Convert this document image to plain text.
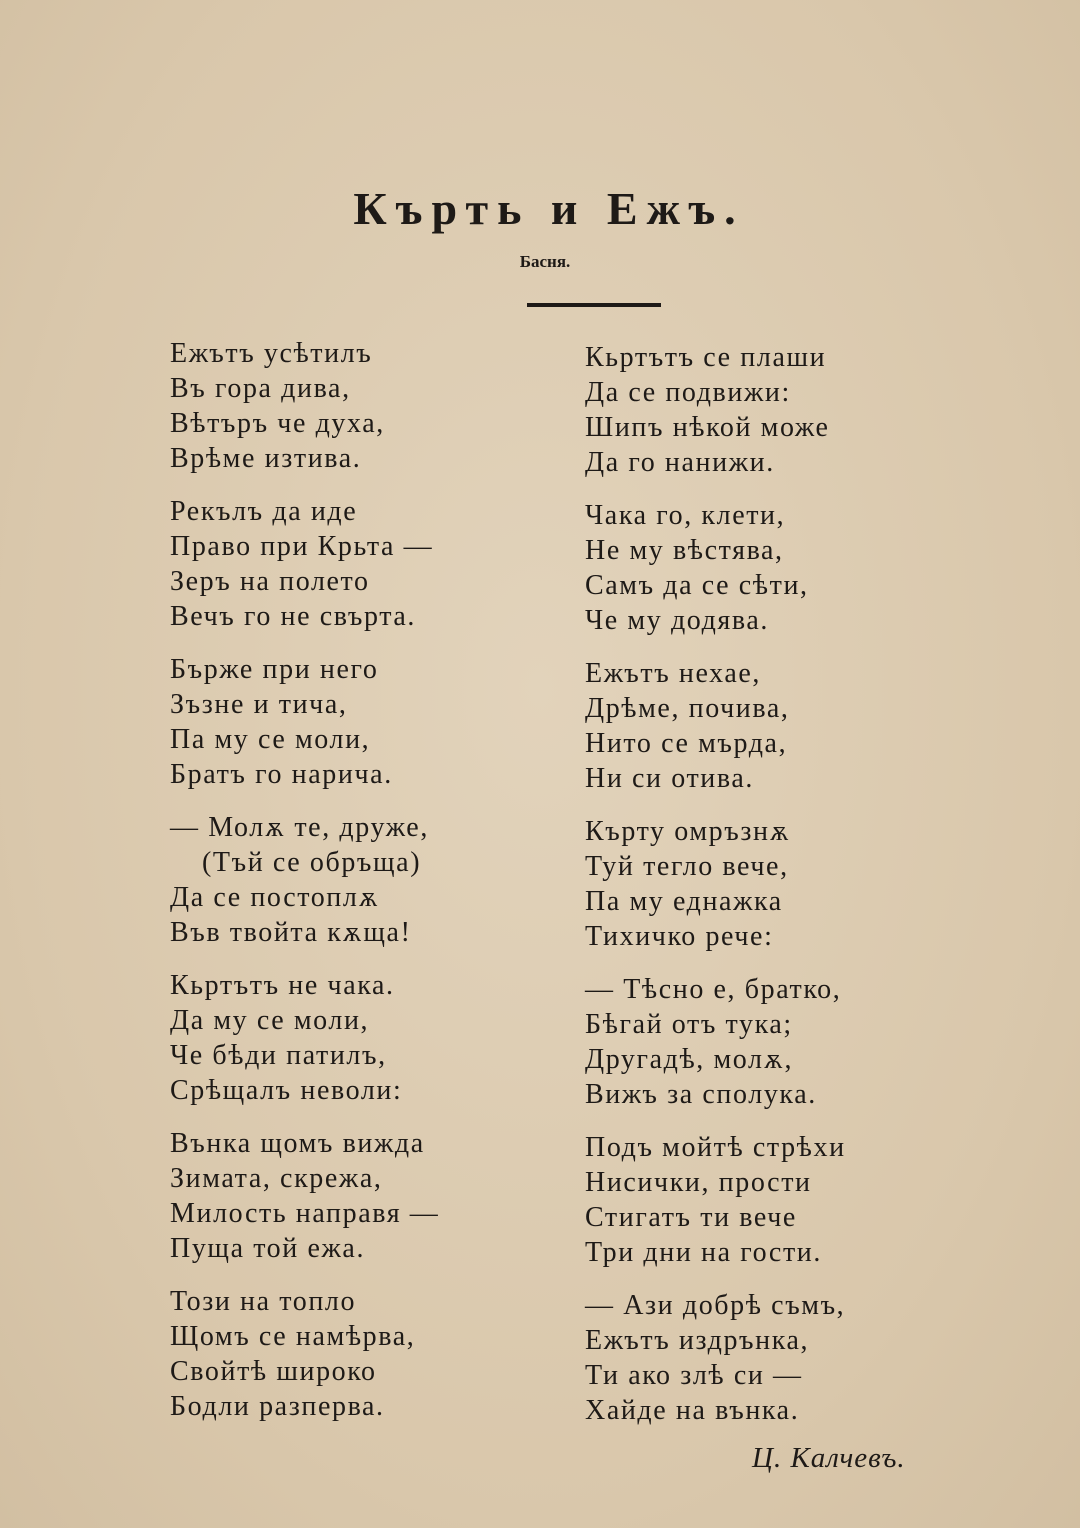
Кърть и Ежъ.
Басня.
Ежътъ усѣтилъ
Въ гора дива,
Вѣтъръ че духа,
Врѣме изтива.
Рекълъ да иде
Право при Крьта —
Зеръ на полето
Вечъ го не свърта.
Бърже при него
Зъзне и тича,
Па му се моли,
Братъ го нарича.
— Молѫ те, друже,
(Тъй се обръща)
Да се постоплѫ
Във твойта кѫща!
Кьртътъ не чака.
Да му се моли,
Че бѣди патилъ,
Срѣщалъ неволи:
Вънка щомъ вижда
Зимата, скрежа,
Милость направя —
Пуща той ежа.
Този на топло
Щомъ се намѣрва,
Свойтѣ широко
Бодли разперва.
Кьртътъ се плаши
Да се подвижи:
Шипъ нѣкой може
Да го нанижи.
Чака го, клети,
Не му вѣстява,
Самъ да се сѣти,
Че му додява.
Ежътъ нехае,
Дрѣме, почива,
Нито се мърда,
Ни си отива.
Кърту омръзнѫ
Туй тегло вече,
Па му еднажка
Тихичко рече:
— Тѣсно е, братко,
Бѣгай отъ тука;
Другадѣ, молѫ,
Вижъ за сполука.
Подъ мойтѣ стрѣхи
Нисички, прости
Стигатъ ти вече
Три дни на гости.
— Ази добрѣ съмъ,
Ежътъ издрънка,
Ти ако злѣ си —
Хайде на вънка.
Ц. Калчевъ.
